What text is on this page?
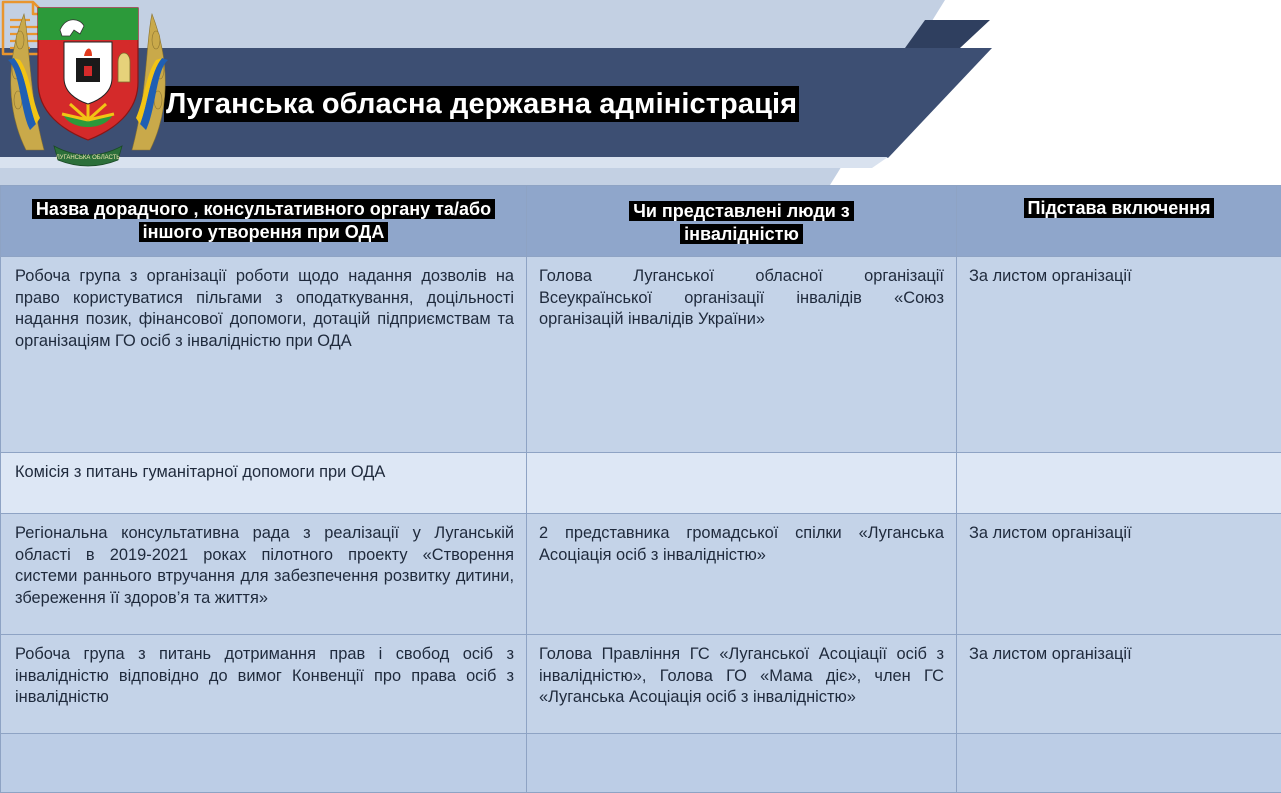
Луганська обласна державна адміністрація
ЛУГАНСЬКА ОБЛАСТЬ
Назва дорадчого , консультативного органу та/або іншого утворення при ОДА	Чи представлені люди з інвалідністю	Підстава включення

Робоча група з організації роботи щодо надання дозволів на право користуватися пільгами з оподаткування, доцільності надання позик, фінансової допомоги, дотацій підприємствам та організаціям ГО осіб з інвалідністю при ОДА	Голова Луганської обласної організації Всеукраїнської організації інвалідів «Союз організацій інвалідів України»	За листом організації

Комісія з питань гуманітарної допомоги при ОДА		

Регіональна консультативна рада з реалізації у Луганській області в 2019-2021 роках пілотного проекту «Створення системи раннього втручання для забезпечення розвитку дитини, збереження її здоров’я та життя»	2 представника громадської спілки «Луганська Асоціація осіб з інвалідністю»	За листом організації

Робоча група з питань дотримання прав і свобод осіб з інвалідністю відповідно до вимог Конвенції про права осіб з інвалідністю	Голова Правління ГС «Луганської Асоціації осіб з інвалідністю», Голова ГО «Мама діє», член ГС «Луганська Асоціація осіб з інвалідністю»	За листом організації
